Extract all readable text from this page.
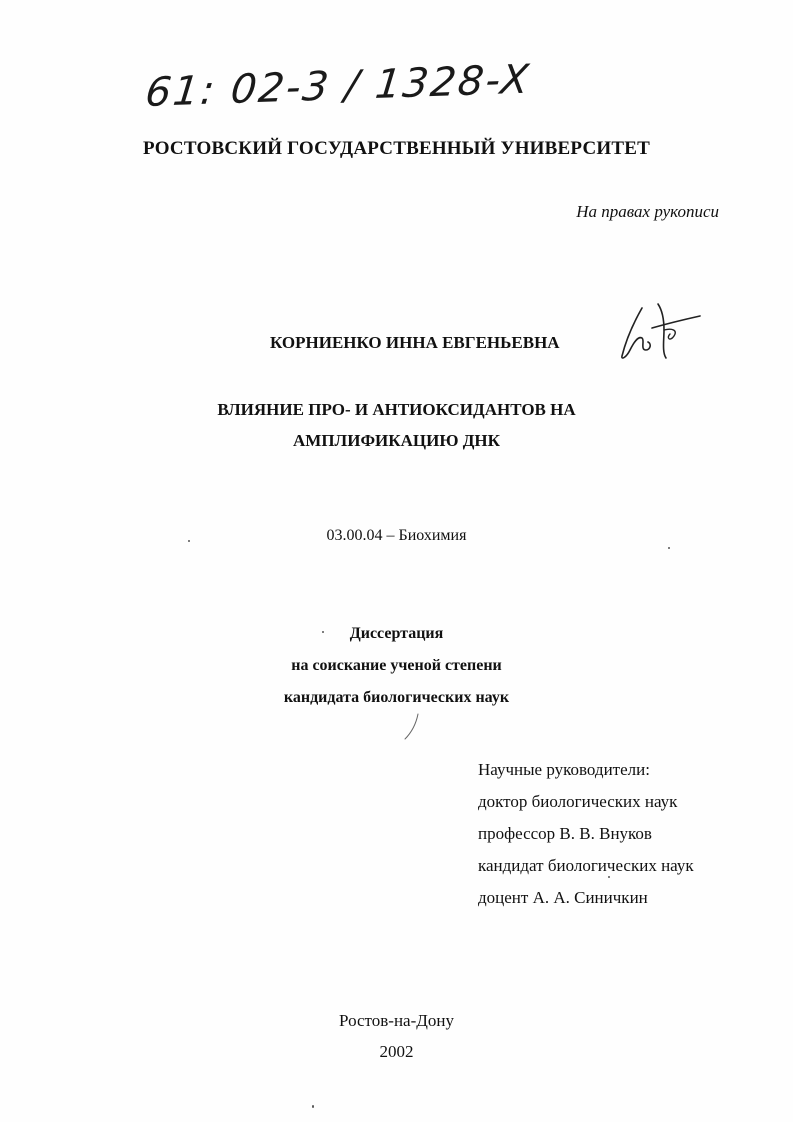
61: 02-3 / 1328-X
РОСТОВСКИЙ ГОСУДАРСТВЕННЫЙ УНИВЕРСИТЕТ
На правах рукописи
КОРНИЕНКО ИННА ЕВГЕНЬЕВНА
ВЛИЯНИЕ ПРО- И АНТИОКСИДАНТОВ НА
АМПЛИФИКАЦИЮ ДНК
03.00.04 – Биохимия
Диссертация
на соискание ученой степени
кандидата биологических наук
Научные руководители:
доктор биологических наук
профессор В. В. Внуков
кандидат биологических наук
доцент А. А. Синичкин
Ростов-на-Дону
2002
